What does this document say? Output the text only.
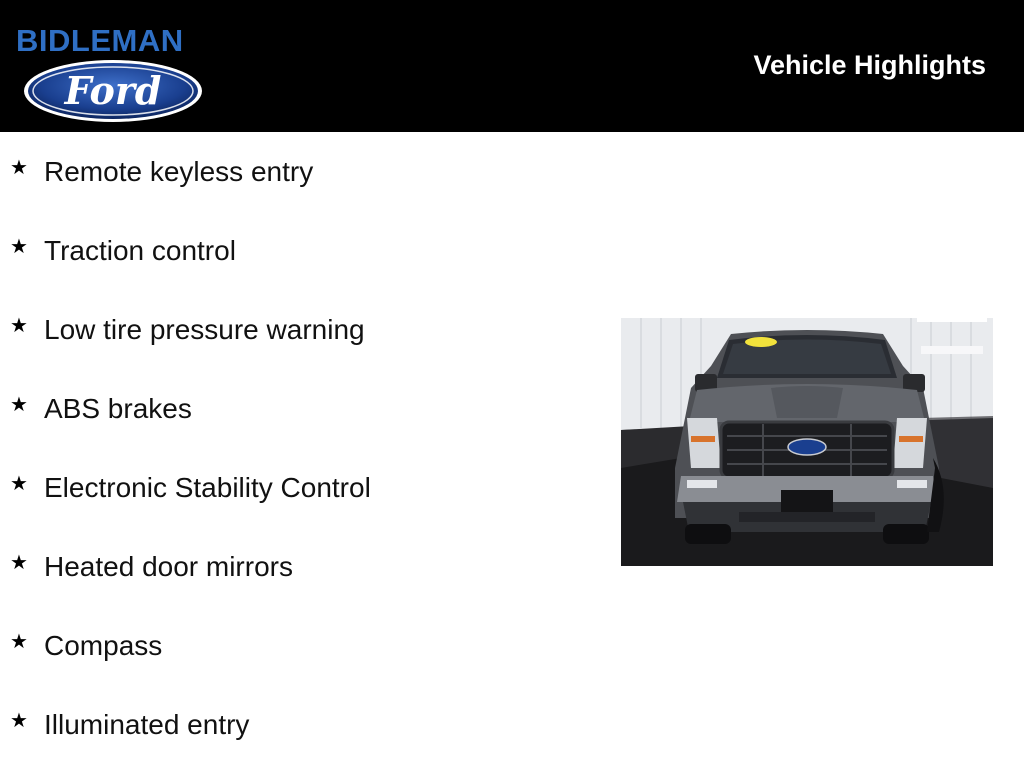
BIDLEMAN
Ford
Vehicle Highlights
★ Remote keyless entry
★ Traction control
★ Low tire pressure warning
★ ABS brakes
★ Electronic Stability Control
★ Heated door mirrors
★ Compass
★ Illuminated entry
